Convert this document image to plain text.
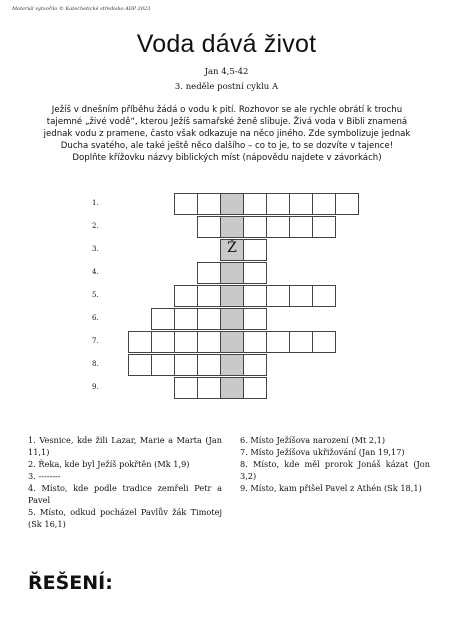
Materiál vytvořilo © Katechetické středisko ADP 2023
Voda dává život
Jan 4,5-42
3. neděle postní cyklu A
Ježíš v dnešním příběhu žádá o vodu k pití. Rozhovor se ale rychle obrátí k trochu
tajemné „živé vodě“, kterou Ježíš samařské ženě slibuje. Živá voda v Bibli znamená
jednak vodu z pramene, často však odkazuje na něco jiného. Zde symbolizuje jednak
Ducha svatého, ale také ještě něco dalšího – co to je, to se dozvíte v tajence!
Doplňte křížovku názvy biblických míst (nápovědu najdete v závorkách)
1.
2.
3.	Ž
4.
5.
6.
7.
8.
9.
1. Vesnice, kde žili Lazar, Marie a Marta (Jan 11,1)
2. Řeka, kde byl Ježíš pokřtěn (Mk 1,9)
3. --------
4. Místo, kde podle tradice zemřeli Petr a Pavel
5. Místo, odkud pocházel Pavlův žák Timotej (Sk 16,1)
6. Místo Ježíšova narození (Mt 2,1)
7. Místo Ježíšova ukřižování (Jan 19,17)
8. Místo, kde měl prorok Jonáš kázat (Jon 3,2)
9. Místo, kam přišel Pavel z Athén (Sk 18,1)
ŘEŠENÍ:
